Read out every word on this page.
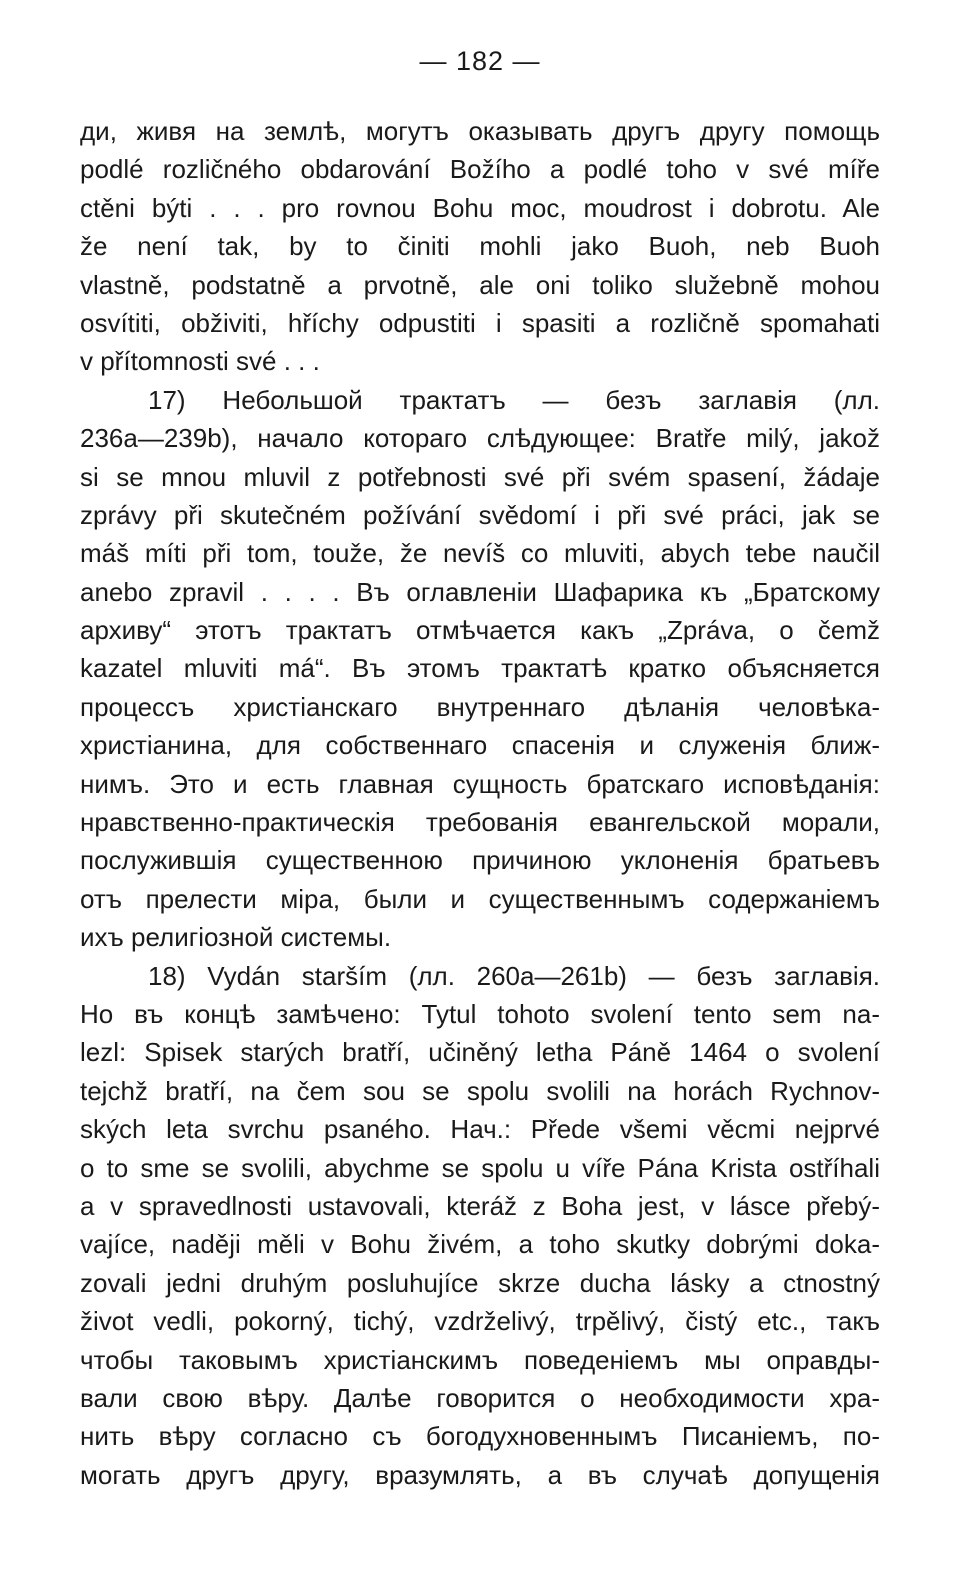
— 182 —
ди, живя на землѣ, могутъ оказывать другъ другу помощь
podlé rozličného obdarování Božího a podlé toho v své míře
ctěni býti . . . pro rovnou Bohu moc, moudrost i dobrotu. Ale
že není tak, by to činiti mohli jako Buoh, neb Buoh
vlastně, podstatně a prvotně, ale oni toliko služebně mohou
osvítiti, obživiti, hříchy odpustiti i spasiti a rozličně spomahati
v přítomnosti své . . .
17) Небольшой трактатъ — безъ заглавія (лл.
236a—239b), начало котораго слѣдующее: Bratře milý, jakož
si se mnou mluvil z potřebnosti své při svém spasení, žádaje
zprávy při skutečném požívání svědomí i při své práci, jak se
máš míti při tom, touže, že nevíš co mluviti, abych tebe naučil
anebo zpravil . . . . Въ оглавленіи Шафарика къ „Братскому
архиву“ этотъ трактатъ отмѣчается какъ „Zpráva, o čemž
kazatel mluviti má“. Въ этомъ трактатѣ кратко объясняется
процессъ христіанскаго внутреннаго дѣланія человѣка-
христіанина, для собственнаго спасенія и служенія ближ-
нимъ. Это и есть главная сущность братскаго исповѣданія:
нравственно-практическія требованія евангельской морали,
послужившія существенною причиною уклоненія братьевъ
отъ прелести міра, были и существеннымъ содержаніемъ
ихъ религіозной системы.
18) Vydán starším (лл. 260a—261b) — безъ заглавія.
Но въ концѣ замѣчено: Tytul tohoto svolení tento sem na-
lezl: Spisek starých bratří, učiněný letha Páně 1464 o svolení
tejchž bratří, na čem sou se spolu svolili na horách Rychnov-
ských leta svrchu psaného. Нач.: Přede všemi věcmi nejprvé
o to sme se svolili, abychme se spolu u víře Pána Krista ostříhali
a v spravedlnosti ustavovali, kteráž z Boha jest, v lásce přebý-
vajíce, naději měli v Bohu živém, a toho skutky dobrými doka-
zovali jedni druhým posluhujíce skrze ducha lásky a ctnostný
život vedli, pokorný, tichý, vzdrželivý, trpělivý, čistý etc., такъ
чтобы таковымъ христіанскимъ поведеніемъ мы оправды-
вали свою вѣру. Далѣе говорится о необходимости хра-
нить вѣру согласно съ богодухновеннымъ Писаніемъ, по-
могать другъ другу, вразумлять, а въ случаѣ допущенія
